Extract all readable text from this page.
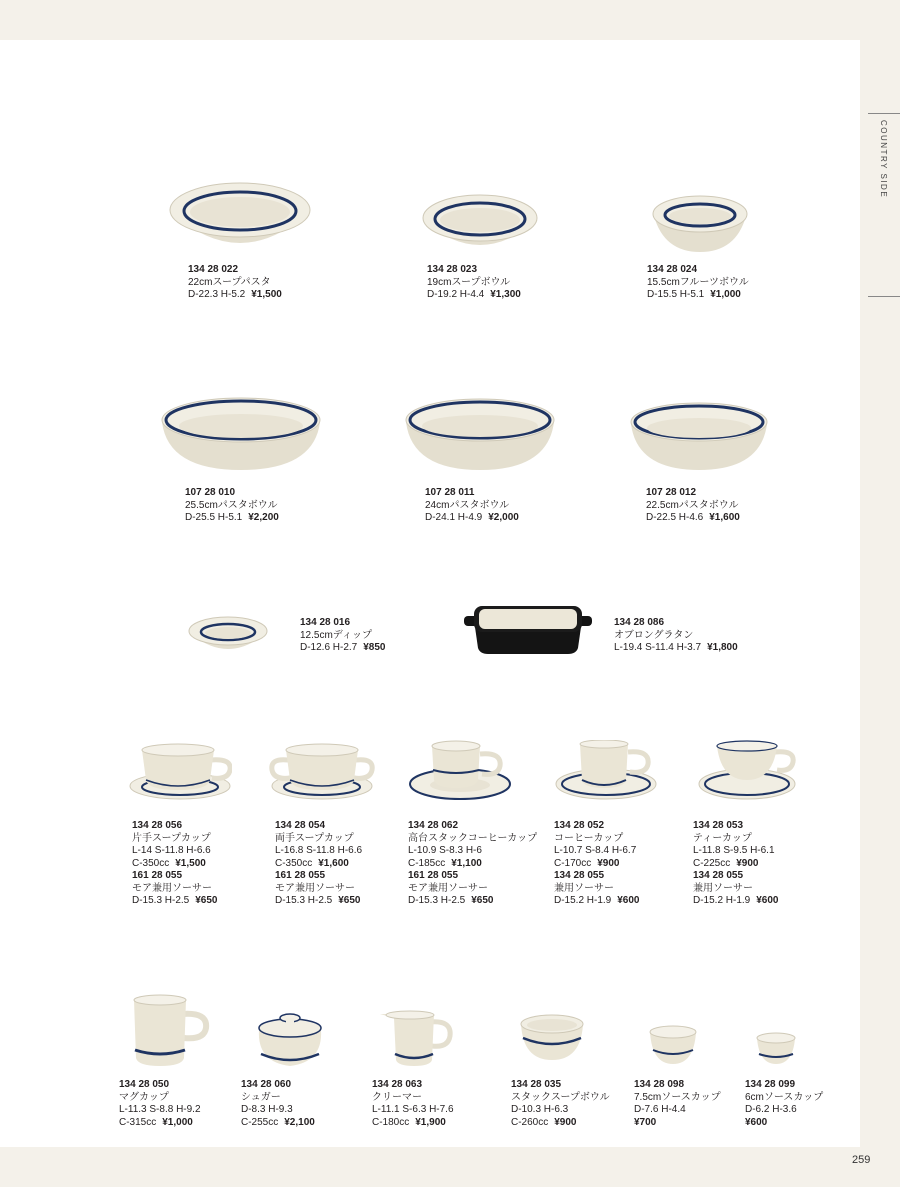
COUNTRY SIDE
259
134 28 022
22cmスープパスタ
D-22.3 H-5.2 ¥1,500
134 28 023
19cmスープボウル
D-19.2 H-4.4 ¥1,300
134 28 024
15.5cmフルーツボウル
D-15.5 H-5.1 ¥1,000
107 28 010
25.5cmパスタボウル
D-25.5 H-5.1 ¥2,200
107 28 011
24cmパスタボウル
D-24.1 H-4.9 ¥2,000
107 28 012
22.5cmパスタボウル
D-22.5 H-4.6 ¥1,600
134 28 016
12.5cmディップ
D-12.6 H-2.7 ¥850
134 28 086
オブロングラタン
L-19.4 S-11.4 H-3.7 ¥1,800
134 28 056
片手スープカップ
L-14 S-11.8 H-6.6
C-350cc ¥1,500
161 28 055
モア兼用ソーサー
D-15.3 H-2.5 ¥650
134 28 054
両手スープカップ
L-16.8 S-11.8 H-6.6
C-350cc ¥1,600
161 28 055
モア兼用ソーサー
D-15.3 H-2.5 ¥650
134 28 062
高台スタックコーヒーカップ
L-10.9 S-8.3 H-6
C-185cc ¥1,100
161 28 055
モア兼用ソーサー
D-15.3 H-2.5 ¥650
134 28 052
コーヒーカップ
L-10.7 S-8.4 H-6.7
C-170cc ¥900
134 28 055
兼用ソーサー
D-15.2 H-1.9 ¥600
134 28 053
ティーカップ
L-11.8 S-9.5 H-6.1
C-225cc ¥900
134 28 055
兼用ソーサー
D-15.2 H-1.9 ¥600
134 28 050
マグカップ
L-11.3 S-8.8 H-9.2
C-315cc ¥1,000
134 28 060
シュガー
D-8.3 H-9.3
C-255cc ¥2,100
134 28 063
クリーマー
L-11.1 S-6.3 H-7.6
C-180cc ¥1,900
134 28 035
スタックスープボウル
D-10.3 H-6.3
C-260cc ¥900
134 28 098
7.5cmソースカップ
D-7.6 H-4.4
¥700
134 28 099
6cmソースカップ
D-6.2 H-3.6
¥600
